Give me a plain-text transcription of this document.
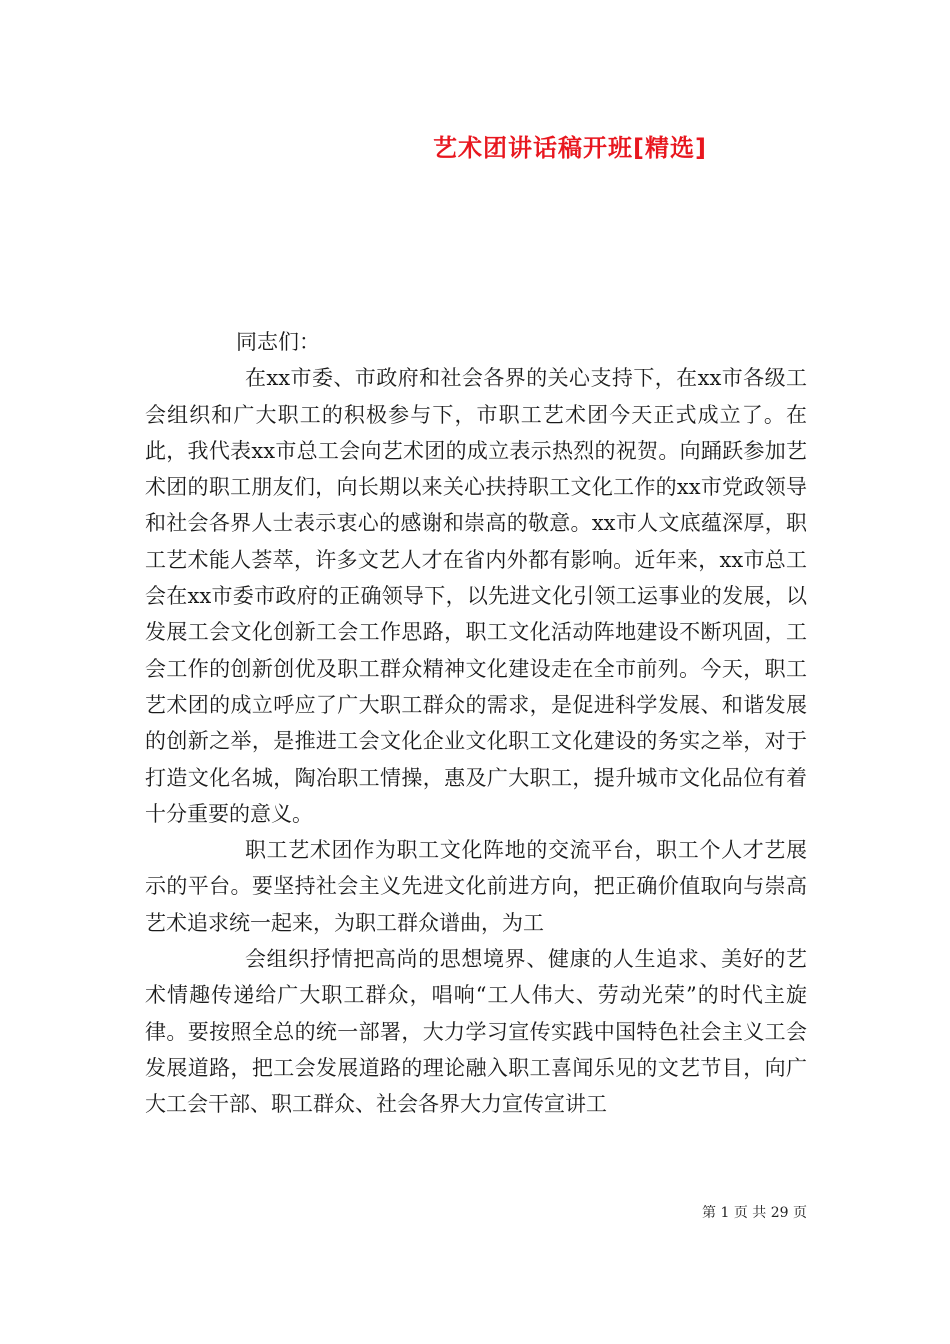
艺术团讲话稿开班[精选]

同志们：

在xx市委、市政府和社会各界的关心支持下，在xx市各级工会组织和广大职工的积极参与下，市职工艺术团今天正式成立了。在此，我代表xx市总工会向艺术团的成立表示热烈的祝贺。向踊跃参加艺术团的职工朋友们，向长期以来关心扶持职工文化工作的xx市党政领导和社会各界人士表示衷心的感谢和崇高的敬意。xx市人文底蕴深厚，职工艺术能人荟萃，许多文艺人才在省内外都有影响。近年来，xx市总工会在xx市委市政府的正确领导下，以先进文化引领工运事业的发展，以发展工会文化创新工会工作思路，职工文化活动阵地建设不断巩固，工会工作的创新创优及职工群众精神文化建设走在全市前列。今天，职工艺术团的成立呼应了广大职工群众的需求，是促进科学发展、和谐发展的创新之举，是推进工会文化企业文化职工文化建设的务实之举，对于打造文化名城，陶冶职工情操，惠及广大职工，提升城市文化品位有着十分重要的意义。

职工艺术团作为职工文化阵地的交流平台，职工个人才艺展示的平台。要坚持社会主义先进文化前进方向，把正确价值取向与崇高艺术追求统一起来，为职工群众谱曲，为工

会组织抒情把高尚的思想境界、健康的人生追求、美好的艺术情趣传递给广大职工群众，唱响“工人伟大、劳动光荣”的时代主旋律。要按照全总的统一部署，大力学习宣传实践中国特色社会主义工会发展道路，把工会发展道路的理论融入职工喜闻乐见的文艺节目，向广大工会干部、职工群众、社会各界大力宣传宣讲工

第 1 页 共 29 页
